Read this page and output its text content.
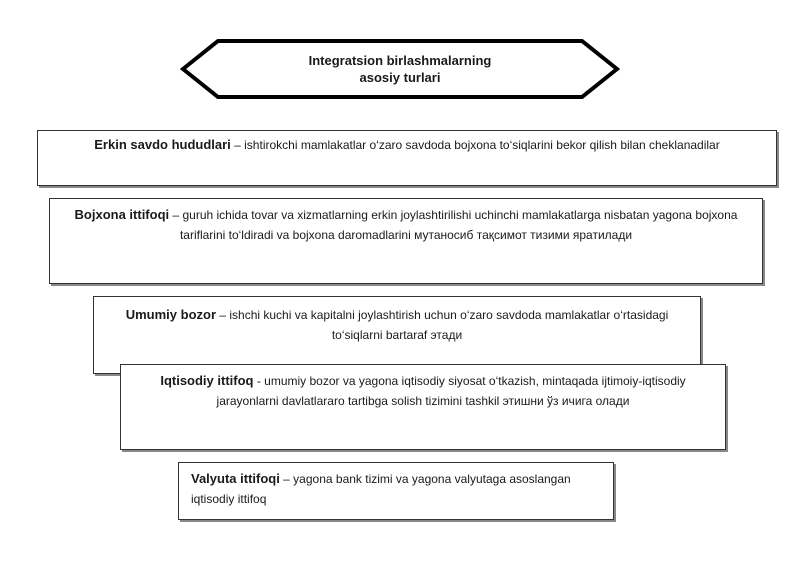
Integratsion birlashmalarning
asosiy turlari
Erkin savdo hududlari – ishtirokchi mamlakatlar o‘zaro savdoda bojxona to‘siqlarini bekor qilish bilan cheklanadilar
Bojxona ittifoqi – guruh ichida tovar va xizmatlarning erkin joylashtirilishi uchinchi mamlakatlarga nisbatan yagona bojxona tariflarini to‘ldiradi va bojxona daromadlarini мутаносиб тақсимот тизими яратилади
Umumiy bozor – ishchi kuchi va kapitalni joylashtirish uchun o‘zaro savdoda mamlakatlar o‘rtasidagi to‘siqlarni bartaraf этади
Iqtisodiy ittifoq - umumiy bozor va yagona iqtisodiy siyosat o‘tkazish, mintaqada ijtimoiy-iqtisodiy jarayonlarni davlatlararo tartibga solish tizimini tashkil этишни ўз ичига олади
Valyuta ittifoqi – yagona bank tizimi va yagona valyutaga asoslangan iqtisodiy ittifoq
